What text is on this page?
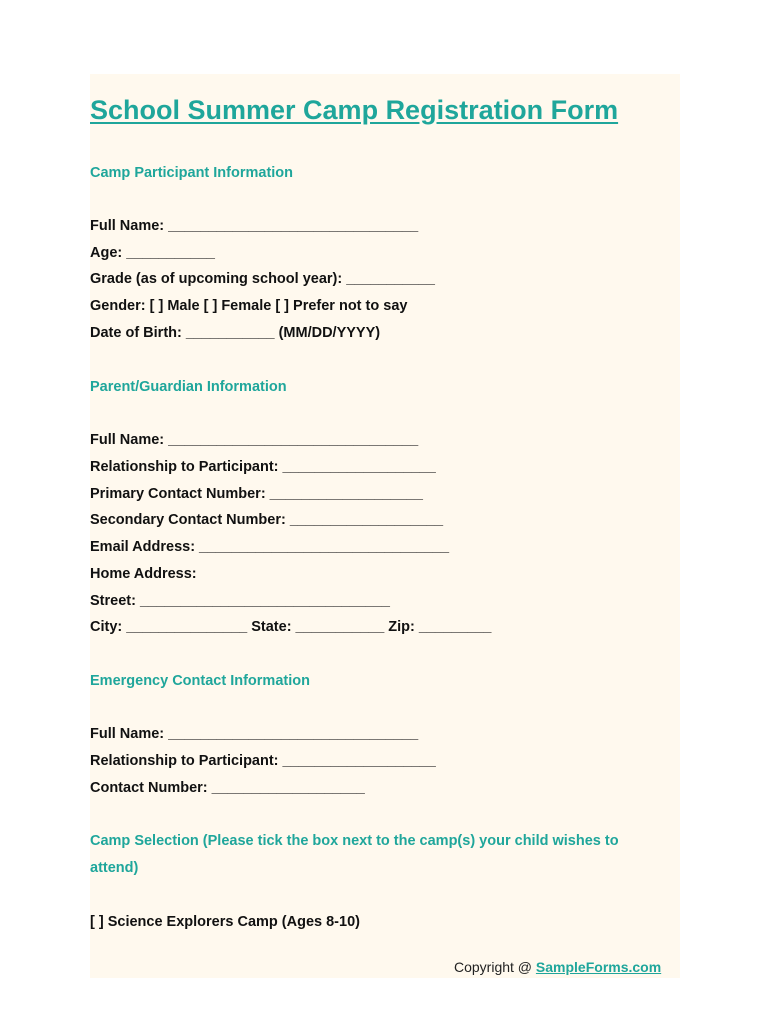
School Summer Camp Registration Form
Camp Participant Information

Full Name: _______________________________

Age: ___________

Grade (as of upcoming school year): ___________

Gender: [ ] Male [ ] Female [ ] Prefer not to say

Date of Birth: ___________ (MM/DD/YYYY)

Parent/Guardian Information

Full Name: _______________________________

Relationship to Participant: ___________________

Primary Contact Number: ___________________

Secondary Contact Number: ___________________

Email Address: _______________________________

Home Address:

Street: _______________________________

City: _______________ State: ___________ Zip: _________

Emergency Contact Information

Full Name: _______________________________

Relationship to Participant: ___________________

Contact Number: ___________________

Camp Selection (Please tick the box next to the camp(s) your child wishes to attend)

[ ] Science Explorers Camp (Ages 8-10)

Copyright @ SampleForms.com
